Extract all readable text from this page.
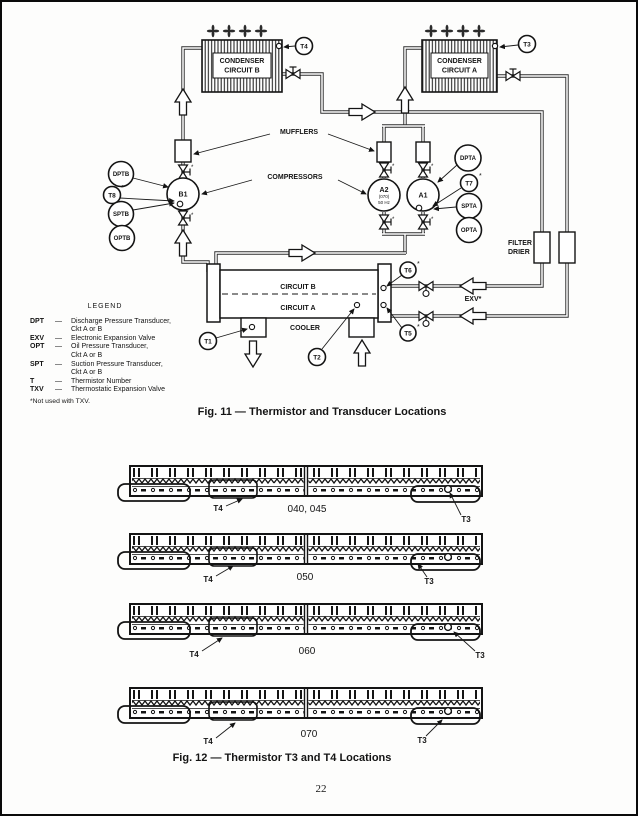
*
*
*	*
*	*
CONDENSER
CIRCUIT B
CONDENSER
CIRCUIT A
T4	T3
MUFFLERS
COMPRESSORS
B1
A2
(070)
50 Hz
A1
DPTB
T8
*
SPTB
OPTB
DPTA
T7
*
SPTA
OPTA
FILTER
DRIER
CIRCUIT B
CIRCUIT A
COOLER
T1
T2
T6
*
T5
*
EXV*
LEGEND
DPT	—	Discharge Pressure Transducer,
Ckt A or B
EXV	—	Electronic Expansion Valve
OPT	—	Oil Pressure Transducer,
Ckt A or B
SPT	—	Suction Pressure Transducer,
Ckt A or B
T	—	Thermistor Number
TXV	—	Thermostatic Expansion Valve
*Not used with TXV.
Fig. 11 — Thermistor and Transducer Locations
040, 045
T4
T3
050
T4	T3
060
T4	T3
070
T4	T3
Fig. 12 — Thermistor T3 and T4 Locations
22
